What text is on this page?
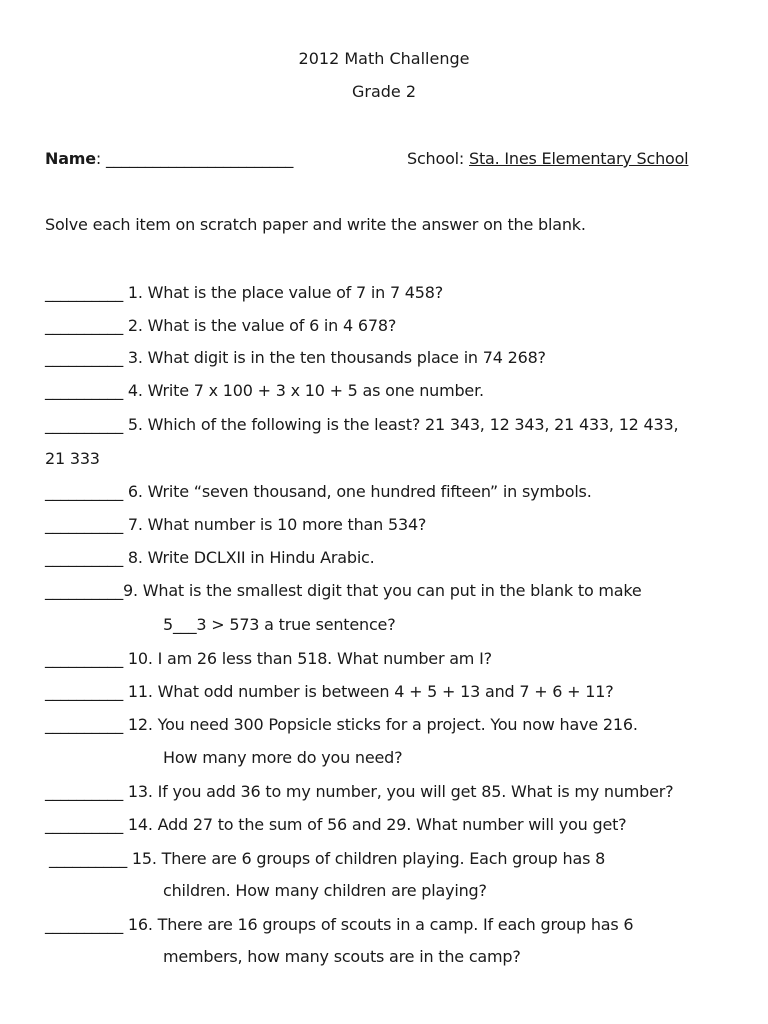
2012 Math Challenge
Grade 2
Name: ________________________	School: Sta. Ines Elementary School
Solve each item on scratch paper and write the answer on the blank.
__________ 1. What is the place value of 7 in 7 458?
__________ 2. What is the value of 6 in 4 678?
__________ 3. What digit is in the ten thousands place in 74 268?
__________ 4. Write 7 x 100 + 3 x 10 + 5 as one number.
__________ 5. Which of the following is the least? 21 343, 12 343, 21 433, 12 433,
21 333
__________ 6. Write “seven thousand, one hundred fifteen” in symbols.
__________ 7. What number is 10 more than 534?
__________ 8. Write DCLXII in Hindu Arabic.
__________9. What is the smallest digit that you can put in the blank to make
5___3 > 573 a true sentence?
__________ 10. I am 26 less than 518. What number am I?
__________ 11. What odd number is between 4 + 5 + 13 and 7 + 6 + 11?
__________ 12. You need 300 Popsicle sticks for a project. You now have 216.
How many more do you need?
__________ 13. If you add 36 to my number, you will get 85. What is my number?
__________ 14. Add 27 to the sum of 56 and 29. What number will you get?
__________ 15. There are 6 groups of children playing. Each group has 8
children. How many children are playing?
__________ 16. There are 16 groups of scouts in a camp. If each group has 6
members, how many scouts are in the camp?
